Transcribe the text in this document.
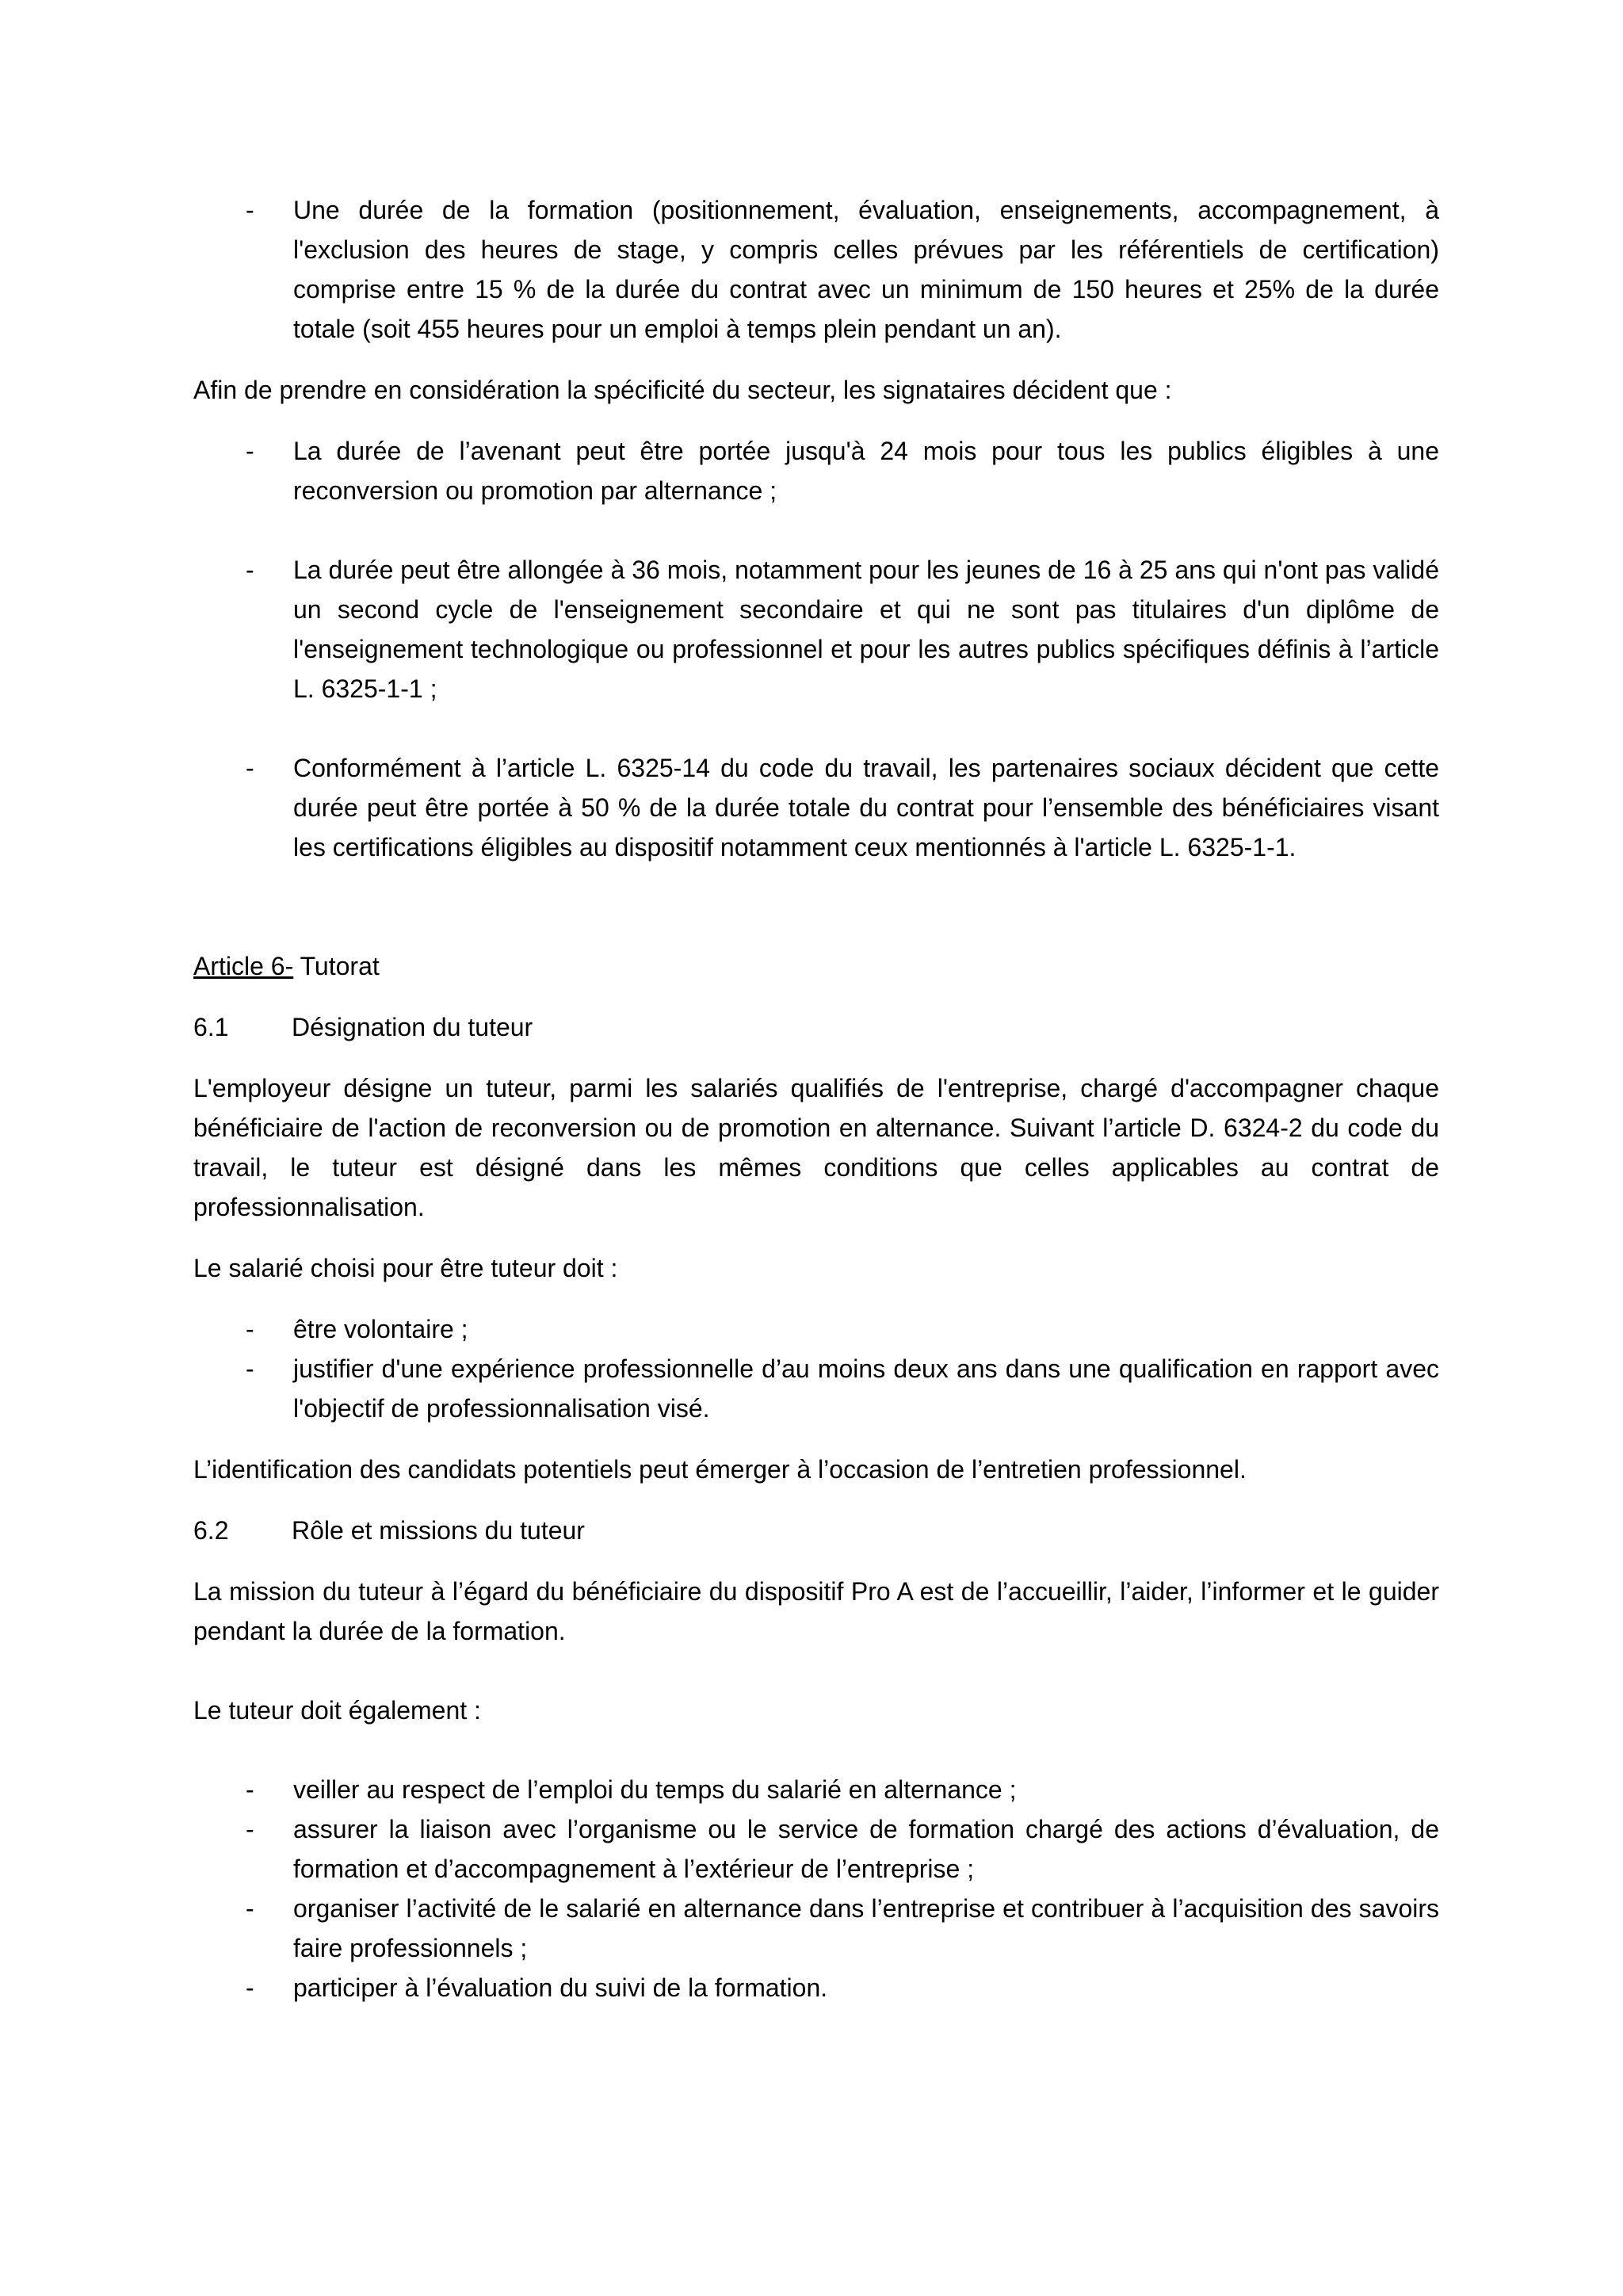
- Une durée de la formation (positionnement, évaluation, enseignements, accompagnement, à l'exclusion des heures de stage, y compris celles prévues par les référentiels de certification) comprise entre 15 % de la durée du contrat avec un minimum de 150 heures et 25% de la durée totale (soit 455 heures pour un emploi à temps plein pendant un an).

Afin de prendre en considération la spécificité du secteur, les signataires décident que :

- La durée de l’avenant peut être portée jusqu'à 24 mois pour tous les publics éligibles à une reconversion ou promotion par alternance ;
- La durée peut être allongée à 36 mois, notamment pour les jeunes de 16 à 25 ans qui n'ont pas validé un second cycle de l'enseignement secondaire et qui ne sont pas titulaires d'un diplôme de l'enseignement technologique ou professionnel et pour les autres publics spécifiques définis à l’article L. 6325-1-1 ;
- Conformément à l’article L. 6325-14 du code du travail, les partenaires sociaux décident que cette durée peut être portée à 50 % de la durée totale du contrat pour l’ensemble des bénéficiaires visant les certifications éligibles au dispositif notamment ceux mentionnés à l'article L. 6325-1-1.

Article 6- Tutorat

6.1 Désignation du tuteur

L'employeur désigne un tuteur, parmi les salariés qualifiés de l'entreprise, chargé d'accompagner chaque bénéficiaire de l'action de reconversion ou de promotion en alternance. Suivant l’article D. 6324-2 du code du travail, le tuteur est désigné dans les mêmes conditions que celles applicables au contrat de professionnalisation.

Le salarié choisi pour être tuteur doit :

- être volontaire ;
- justifier d'une expérience professionnelle d’au moins deux ans dans une qualification en rapport avec l'objectif de professionnalisation visé.

L’identification des candidats potentiels peut émerger à l’occasion de l’entretien professionnel.

6.2 Rôle et missions du tuteur

La mission du tuteur à l’égard du bénéficiaire du dispositif Pro A est de l’accueillir, l’aider, l’informer et le guider pendant la durée de la formation.

Le tuteur doit également :

- veiller au respect de l’emploi du temps du salarié en alternance ;
- assurer la liaison avec l’organisme ou le service de formation chargé des actions d’évaluation, de formation et d’accompagnement à l’extérieur de l’entreprise ;
- organiser l’activité de le salarié en alternance dans l’entreprise et contribuer à l’acquisition des savoirs faire professionnels ;
- participer à l’évaluation du suivi de la formation.
